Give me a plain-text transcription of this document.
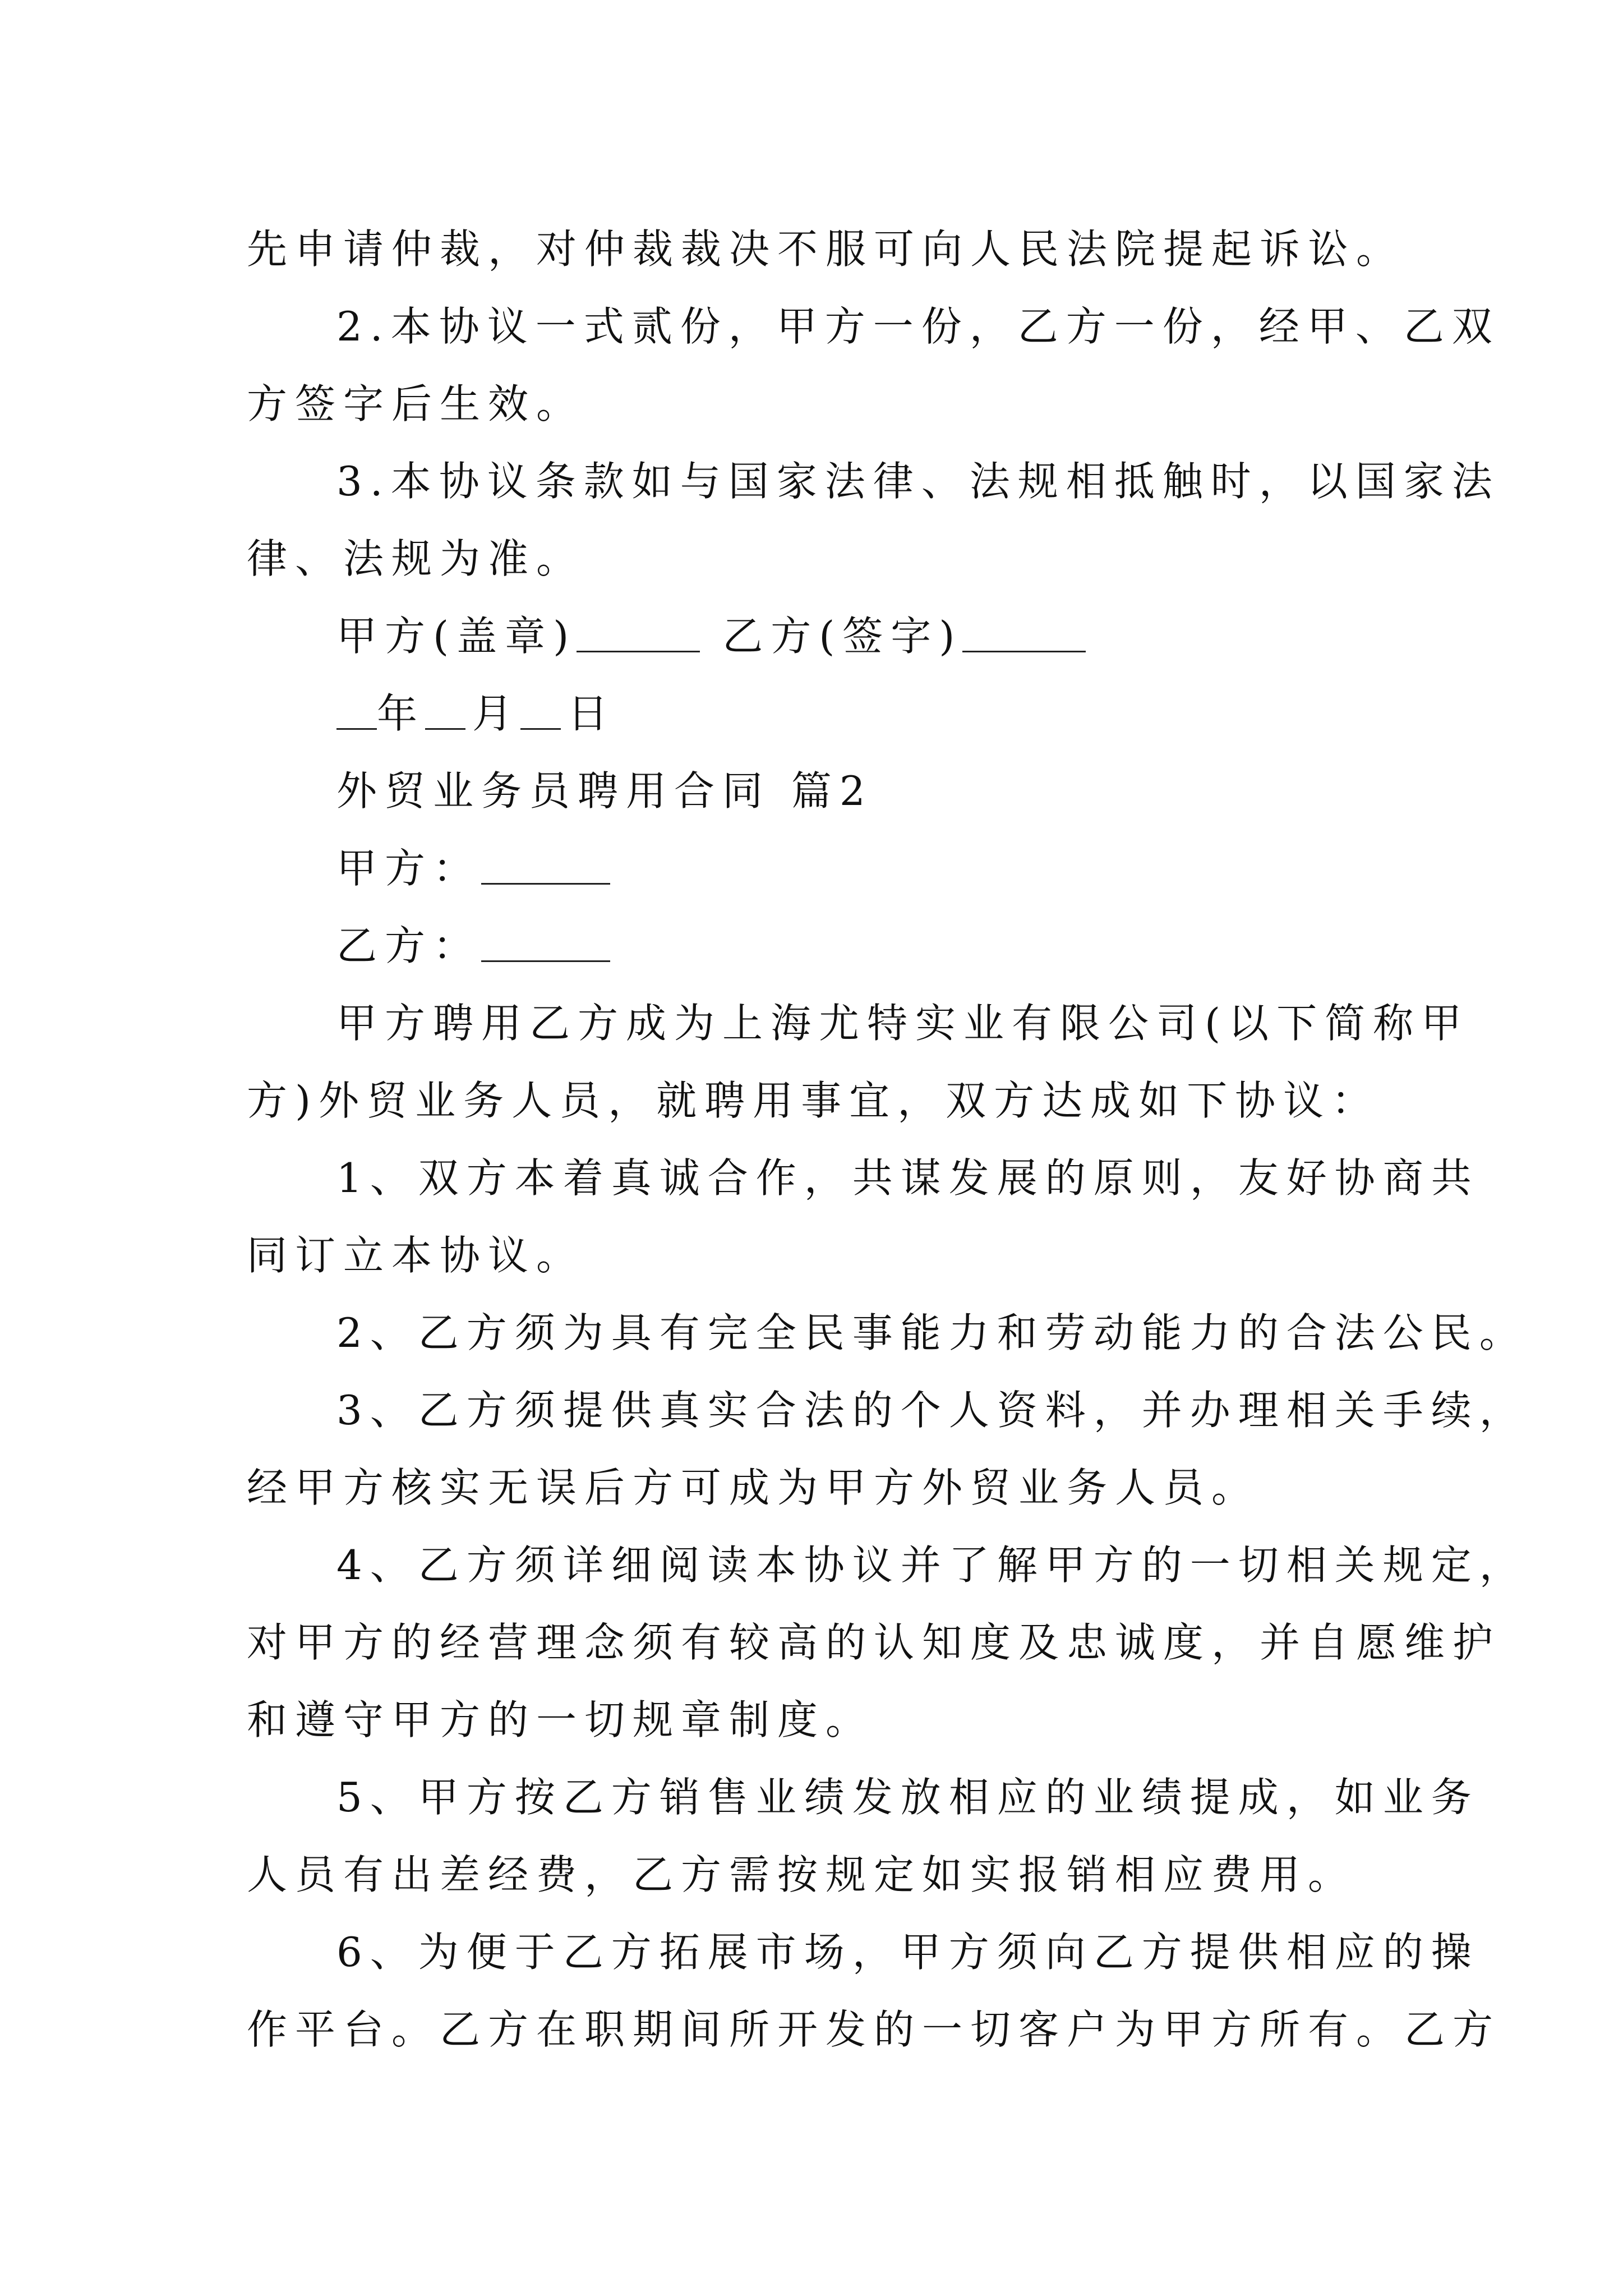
先申请仲裁，对仲裁裁决不服可向人民法院提起诉讼。
2.本协议一式贰份，甲方一份，乙方一份，经甲、乙双
方签字后生效。
3.本协议条款如与国家法律、法规相抵触时，以国家法
律、法规为准。
甲方(盖章)	乙方(签字)
年 月 日
外贸业务员聘用合同 篇2
甲方：
乙方：
甲方聘用乙方成为上海尤特实业有限公司(以下简称甲
方)外贸业务人员，就聘用事宜，双方达成如下协议：
1、双方本着真诚合作，共谋发展的原则，友好协商共
同订立本协议。
2、乙方须为具有完全民事能力和劳动能力的合法公民。
3、乙方须提供真实合法的个人资料，并办理相关手续，
经甲方核实无误后方可成为甲方外贸业务人员。
4、乙方须详细阅读本协议并了解甲方的一切相关规定，
对甲方的经营理念须有较高的认知度及忠诚度，并自愿维护
和遵守甲方的一切规章制度。
5、甲方按乙方销售业绩发放相应的业绩提成，如业务
人员有出差经费，乙方需按规定如实报销相应费用。
6、为便于乙方拓展市场，甲方须向乙方提供相应的操
作平台。乙方在职期间所开发的一切客户为甲方所有。乙方
